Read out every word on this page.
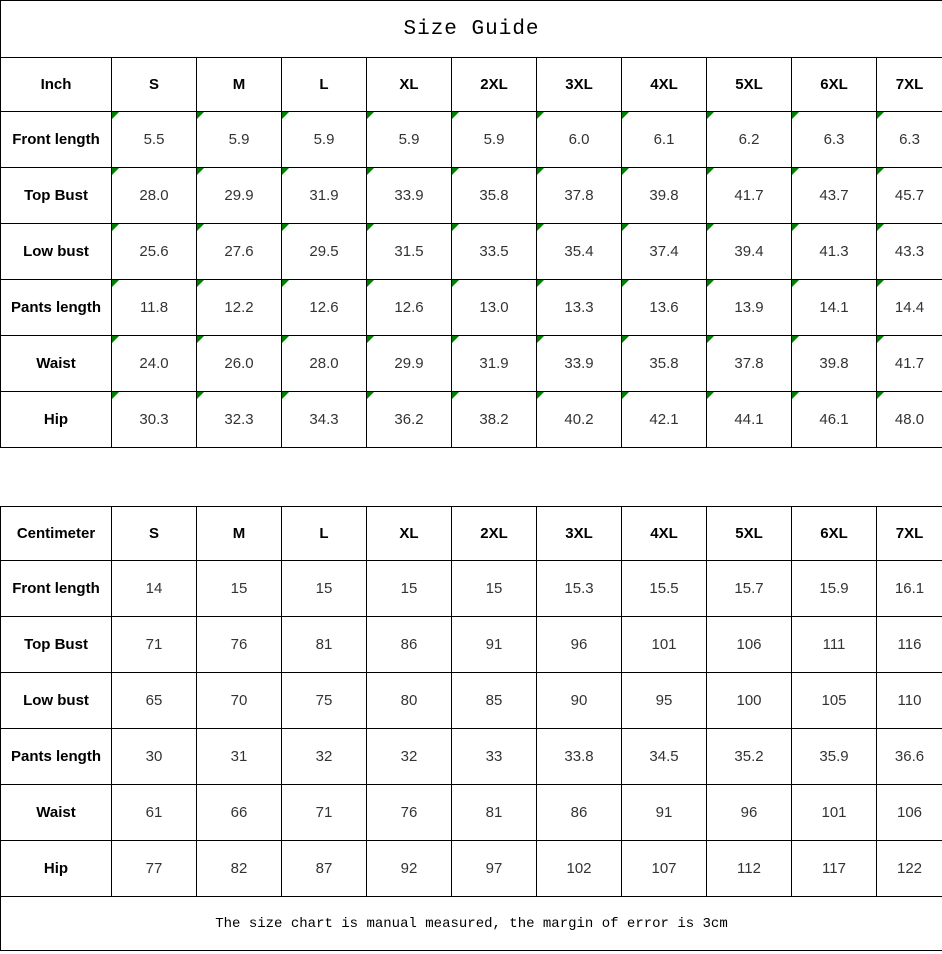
Size Guide										
Inch	S	M	L	XL	2XL	3XL	4XL	5XL	6XL	7XL
Front length	5.5	5.9	5.9	5.9	5.9	6.0	6.1	6.2	6.3	6.3
Top Bust	28.0	29.9	31.9	33.9	35.8	37.8	39.8	41.7	43.7	45.7
Low bust	25.6	27.6	29.5	31.5	33.5	35.4	37.4	39.4	41.3	43.3
Pants length	11.8	12.2	12.6	12.6	13.0	13.3	13.6	13.9	14.1	14.4
Waist	24.0	26.0	28.0	29.9	31.9	33.9	35.8	37.8	39.8	41.7
Hip	30.3	32.3	34.3	36.2	38.2	40.2	42.1	44.1	46.1	48.0
Centimeter	S	M	L	XL	2XL	3XL	4XL	5XL	6XL	7XL
Front length	14	15	15	15	15	15.3	15.5	15.7	15.9	16.1
Top Bust	71	76	81	86	91	96	101	106	111	116
Low bust	65	70	75	80	85	90	95	100	105	110
Pants length	30	31	32	32	33	33.8	34.5	35.2	35.9	36.6
Waist	61	66	71	76	81	86	91	96	101	106
Hip	77	82	87	92	97	102	107	112	117	122
The size chart is manual measured, the margin of error is 3cm										
